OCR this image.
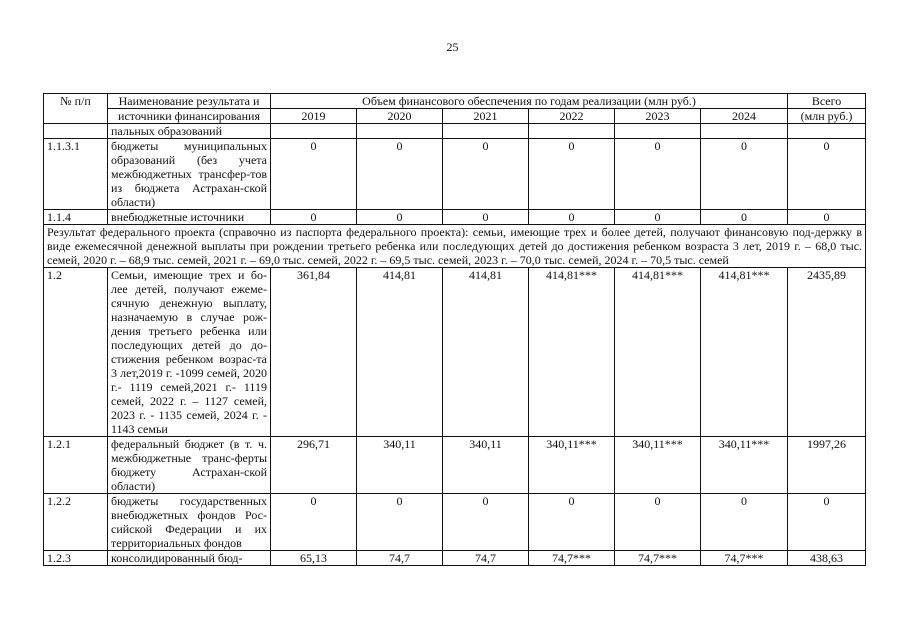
25
№ п/п	Наименование результата и	Объем финансового обеспечения по годам реализации (млн руб.)						Всего
	источники финансирования	2019	2020	2021	2022	2023	2024	(млн руб.)
	пальных образований							
1.1.3.1	бюджеты муниципальных образований (без учета межбюджетных трансфер-тов из бюджета Астрахан-ской области)	0	0	0	0	0	0	0
1.1.4	внебюджетные источники	0	0	0	0	0	0	0
Результат федерального проекта (справочно из паспорта федерального проекта): семьи, имеющие трех и более детей, получают финансовую под-держку в виде ежемесячной денежной выплаты при рождении третьего ребенка или последующих детей до достижения ребенком возраста 3 лет, 2019 г. – 68,0 тыс. семей, 2020 г. – 68,9 тыс. семей, 2021 г. – 69,0 тыс. семей, 2022 г. – 69,5 тыс. семей, 2023 г. – 70,0 тыс. семей, 2024 г. – 70,5 тыс. семей								
1.2	Семьи, имеющие трех и бо-лее детей, получают ежеме-сячную денежную выплату, назначаемую в случае рож-дения третьего ребенка или последующих детей до до-стижения ребенком возрас-та 3 лет,2019 г. -1099 семей, 2020 г.- 1119 семей,2021 г.- 1119 семей, 2022 г. – 1127 семей, 2023 г. - 1135 семей, 2024 г. - 1143 семьи	361,84	414,81	414,81	414,81***	414,81***	414,81***	2435,89
1.2.1	федеральный бюджет (в т. ч. межбюджетные транс-ферты бюджету Астрахан-ской области)	296,71	340,11	340,11	340,11***	340,11***	340,11***	1997,26
1.2.2	бюджеты государственных внебюджетных фондов Рос-сийской Федерации и их территориальных фондов	0	0	0	0	0	0	0
1.2.3	консолидированный бюд-	65,13	74,7	74,7	74,7***	74,7***	74,7***	438,63
